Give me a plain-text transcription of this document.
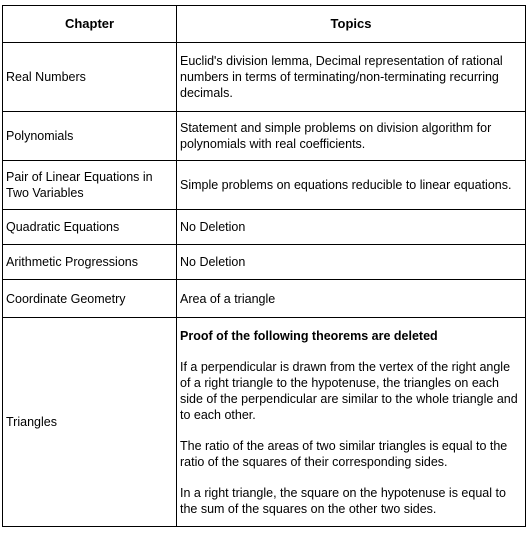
Chapter	Topics
Real Numbers	Euclid's division lemma, Decimal representation of rational numbers in terms of terminating/non-terminating recurring decimals.
Polynomials	Statement and simple problems on division algorithm for polynomials with real coefficients.
Pair of Linear Equations in Two Variables	Simple problems on equations reducible to linear equations.
Quadratic Equations	No Deletion
Arithmetic Progressions	No Deletion
Coordinate Geometry	Area of a triangle
Triangles	Proof of the following theorems are deleted

If a perpendicular is drawn from the vertex of the right angle of a right triangle to the hypotenuse, the triangles on each side of the perpendicular are similar to the whole triangle and to each other.

The ratio of the areas of two similar triangles is equal to the ratio of the squares of their corresponding sides.

In a right triangle, the square on the hypotenuse is equal to the sum of the squares on the other two sides.
